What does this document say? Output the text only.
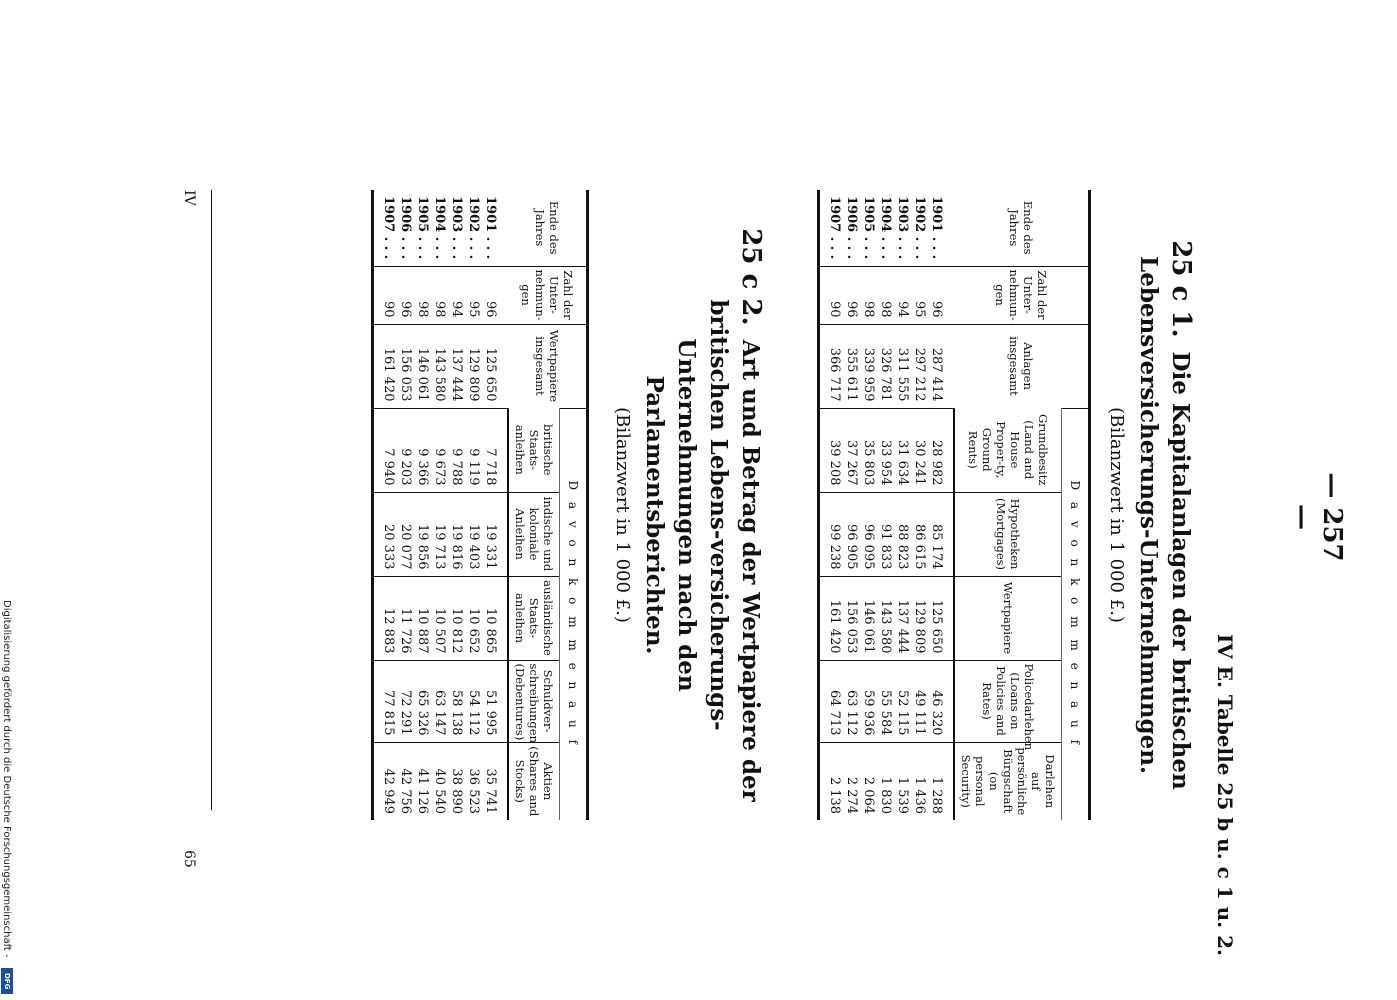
Digitalisierung gefördert durch die Deutsche Forschungsgemeinschaft -
DFG
— 257 —
IV E. Tabelle 25 b u. c 1 u. 2.
25 c 1. Die Kapitalanlagen der britischen Lebensversicherungs-Unternehmungen.
(Bilanzwert in 1 000 £.)
Ende des Jahres	Zahl der Unter-nehmun-gen	Anlagen insgesamt	D a v o n k o m m e n a u f				
			Grundbesitz (Land and House Proper-ty, Ground Rents)	Hypotheken (Mortgages)	Wertpapiere	Policedarlehen (Loans on Policies and Rates)	Darlehen auf persönliche Bürgschaft (on personal Security)
1901 . . .	96	287 414	28 982	85 174	125 650	46 320	1 288
1902 . . .	95	297 212	30 241	86 615	129 809	49 111	1 436
1903 . . .	94	311 555	31 634	88 823	137 444	52 115	1 539
1904 . . .	98	326 781	33 954	91 833	143 580	55 584	1 830
1905 . . .	98	339 959	35 803	96 095	146 061	59 936	2 064
1906 . . .	96	355 611	37 267	96 905	156 053	63 112	2 274
1907 . . .	90	366 717	39 208	99 238	161 420	64 713	2 138
25 c 2. Art und Betrag der Wertpapiere der britischen Lebens-versicherungs-Unternehmungen nach den Parlamentsberichten.
(Bilanzwert in 1 000 £.)
Ende des Jahres	Zahl der Unter-nehmun-gen	Wertpapiere insgesamt	D a v o n k o m m e n a u f				
			britische Staats-anleihen	indische und koloniale Anleihen	ausländische Staats-anleihen	Schuldver-schreibungen (Debentures)	Aktien (Shares and Stocks)
1901 . . .	96	125 650	7 718	19 331	10 865	51 995	35 741
1902 . . .	95	129 809	9 119	19 403	10 652	54 112	36 523
1903 . . .	94	137 444	9 788	19 816	10 812	58 138	38 890
1904 . . .	98	143 580	9 673	19 713	10 507	63 147	40 540
1905 . . .	98	146 061	9 366	19 856	10 887	65 326	41 126
1906 . . .	96	156 053	9 203	20 077	11 726	72 291	42 756
1907 . . .	90	161 420	7 940	20 333	12 883	77 815	42 949
IV
65
